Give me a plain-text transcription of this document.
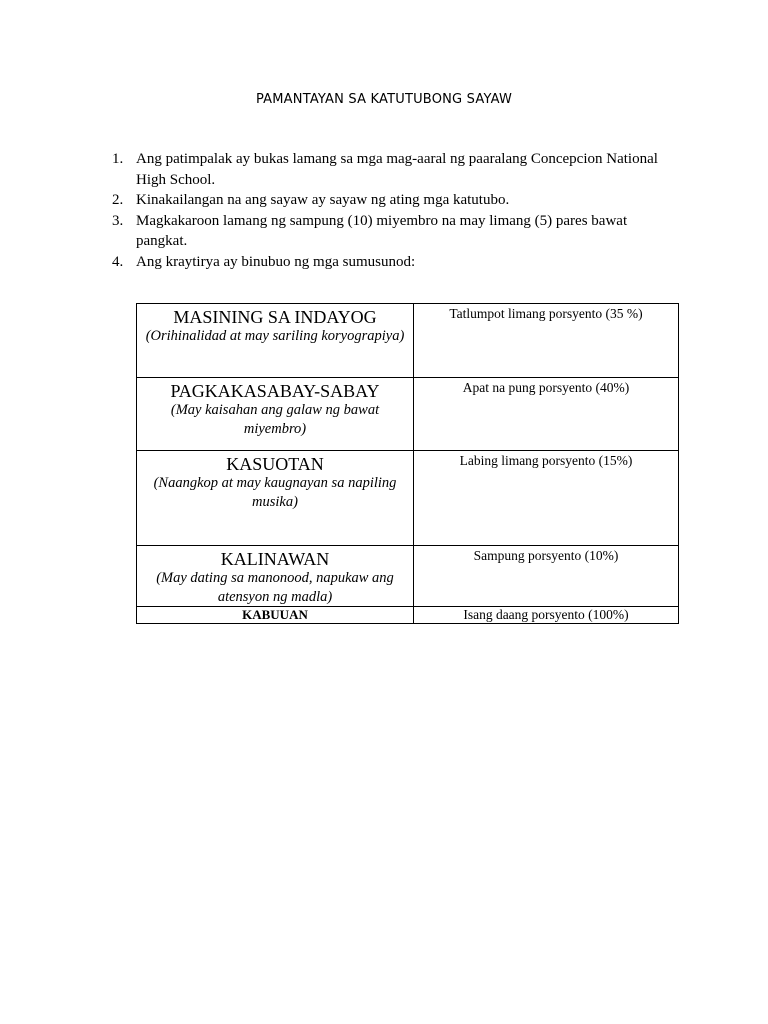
PAMANTAYAN SA KATUTUBONG SAYAW
1. Ang patimpalak ay bukas lamang sa mga mag-aaral ng paaralang Concepcion National High School.
2. Kinakailangan na ang sayaw ay sayaw ng ating mga katutubo.
3. Magkakaroon lamang ng sampung (10) miyembro na may limang (5) pares bawat pangkat.
4. Ang kraytirya ay binubuo ng mga sumusunod:
MASINING SA INDAYOG
(Orihinalidad at may sariling koryograpiya)	Tatlumpot limang porsyento (35 %)

PAGKAKASABAY-SABAY
(May kaisahan ang galaw ng bawat miyembro)	Apat na pung porsyento (40%)

KASUOTAN
(Naangkop at may kaugnayan sa napiling musika)	Labing limang porsyento (15%)

KALINAWAN
(May dating sa manonood, napukaw ang atensyon ng madla)	Sampung porsyento (10%)

KABUUAN	Isang daang porsyento (100%)
